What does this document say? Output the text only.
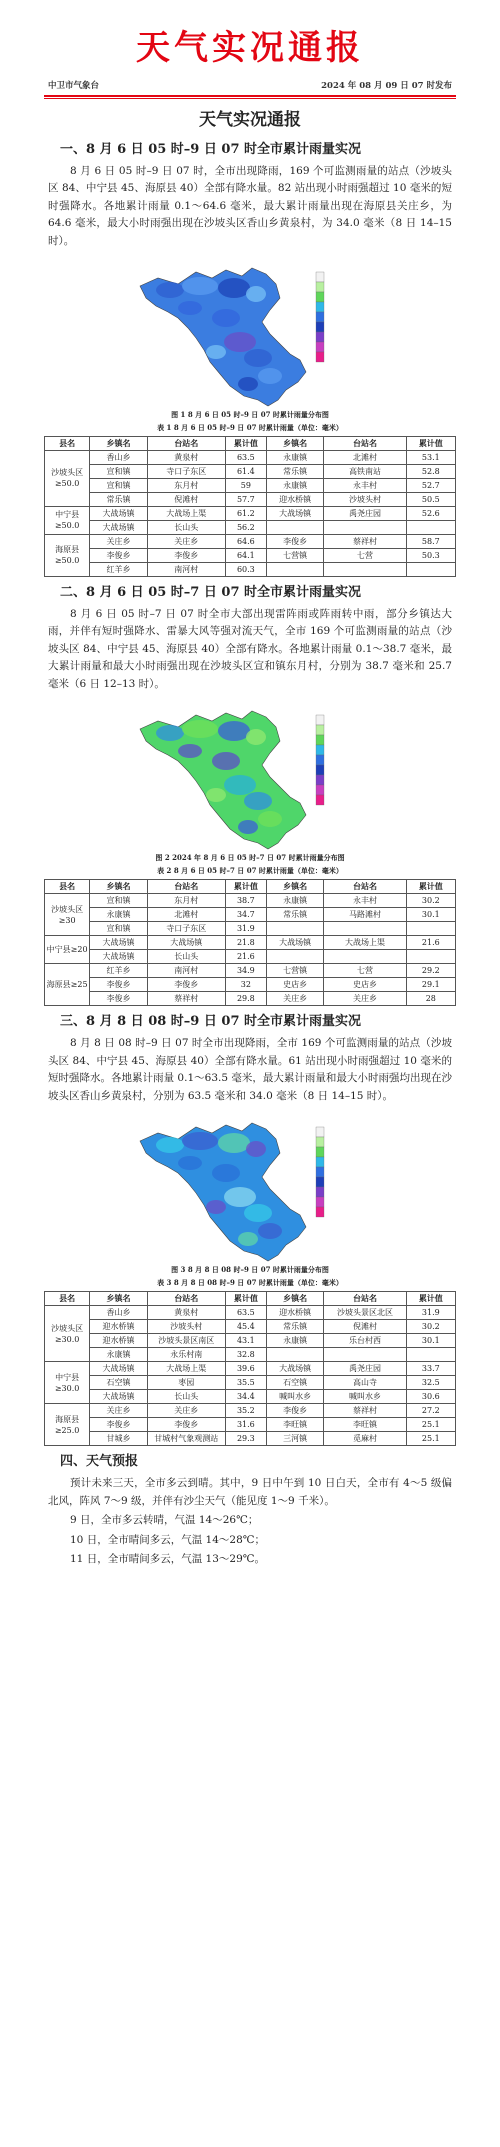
天气实况通报
中卫市气象台	2024 年 08 月 09 日 07 时发布
天气实况通报
一、8 月 6 日 05 时–9 日 07 时全市累计雨量实况
8 月 6 日 05 时–9 日 07 时，全市出现降雨，169 个可监测雨量的站点（沙坡头区 84、中宁县 45、海原县 40）全部有降水量。82 站出现小时雨强超过 10 毫米的短时强降水。各地累计雨量 0.1～64.6 毫米，最大累计雨量出现在海原县关庄乡，为 64.6 毫米，最大小时雨强出现在沙坡头区香山乡黄泉村，为 34.0 毫米（8 日 14–15 时）。
图 1 8 月 6 日 05 时–9 日 07 时累计雨量分布图
表 1 8 月 6 日 05 时–9 日 07 时累计雨量（单位：毫米）
县名	乡镇名	台站名	累计值	乡镇名	台站名	累计值
沙坡头区≥50.0	香山乡	黄泉村	63.5	永康镇	北滩村	53.1
	宣和镇	寺口子东区	61.4	常乐镇	高铁南站	52.8
	宣和镇	东月村	59	永康镇	永丰村	52.7
	常乐镇	倪滩村	57.7	迎水桥镇	沙坡头村	50.5
中宁县≥50.0	大战场镇	大战场上渠	61.2	大战场镇	禹尧庄园	52.6
	大战场镇	长山头	56.2			
海原县≥50.0	关庄乡	关庄乡	64.6	李俊乡	蔡祥村	58.7
	李俊乡	李俊乡	64.1	七营镇	七营	50.3
	红羊乡	南河村	60.3			
二、8 月 6 日 05 时–7 日 07 时全市累计雨量实况
8 月 6 日 05 时–7 日 07 时全市大部出现雷阵雨或阵雨转中雨，部分乡镇达大雨，并伴有短时强降水、雷暴大风等强对流天气，全市 169 个可监测雨量的站点（沙坡头区 84、中宁县 45、海原县 40）全部有降水。各地累计雨量 0.1～38.7 毫米，最大累计雨量和最大小时雨强出现在沙坡头区宣和镇东月村，分别为 38.7 毫米和 25.7 毫米（6 日 12–13 时）。
图 2 2024 年 8 月 6 日 05 时–7 日 07 时累计雨量分布图
表 2 8 月 6 日 05 时–7 日 07 时累计雨量（单位：毫米）
县名	乡镇名	台站名	累计值	乡镇名	台站名	累计值
沙坡头区≥30	宣和镇	东月村	38.7	永康镇	永丰村	30.2
	永康镇	北滩村	34.7	常乐镇	马路滩村	30.1
	宣和镇	寺口子东区	31.9			
中宁县≥20	大战场镇	大战场镇	21.8	大战场镇	大战场上渠	21.6
	大战场镇	长山头	21.6			
海原县≥25	红羊乡	南河村	34.9	七营镇	七营	29.2
	李俊乡	李俊乡	32	史店乡	史店乡	29.1
	李俊乡	蔡祥村	29.8	关庄乡	关庄乡	28
三、8 月 8 日 08 时–9 日 07 时全市累计雨量实况
8 月 8 日 08 时–9 日 07 时全市出现降雨，全市 169 个可监测雨量的站点（沙坡头区 84、中宁县 45、海原县 40）全部有降水量。61 站出现小时雨强超过 10 毫米的短时强降水。各地累计雨量 0.1～63.5 毫米，最大累计雨量和最大小时雨强均出现在沙坡头区香山乡黄泉村，分别为 63.5 毫米和 34.0 毫米（8 日 14–15 时）。
图 3 8 月 8 日 08 时–9 日 07 时累计雨量分布图
表 3 8 月 8 日 08 时–9 日 07 时累计雨量（单位：毫米）
县名	乡镇名	台站名	累计值	乡镇名	台站名	累计值
沙坡头区≥30.0	香山乡	黄泉村	63.5	迎水桥镇	沙坡头景区北区	31.9
	迎水桥镇	沙坡头村	45.4	常乐镇	倪滩村	30.2
	迎水桥镇	沙坡头景区南区	43.1	永康镇	乐台村西	30.1
	永康镇	永乐村南	32.8			
中宁县≥30.0	大战场镇	大战场上渠	39.6	大战场镇	禹尧庄园	33.7
	石空镇	枣园	35.5	石空镇	高山寺	32.5
	大战场镇	长山头	34.4	喊叫水乡	喊叫水乡	30.6
海原县≥25.0	关庄乡	关庄乡	35.2	李俊乡	蔡祥村	27.2
	李俊乡	李俊乡	31.6	李旺镇	李旺镇	25.1
	甘城乡	甘城村气象观测站	29.3	三河镇	觅麻村	25.1
四、天气预报
预计未来三天，全市多云到晴。其中，9 日中午到 10 日白天，全市有 4～5 级偏北风，阵风 7～9 级，并伴有沙尘天气（能见度 1～9 千米）。
9 日，全市多云转晴，气温 14～26℃；
10 日，全市晴间多云，气温 14～28℃；
11 日，全市晴间多云，气温 13～29℃。
